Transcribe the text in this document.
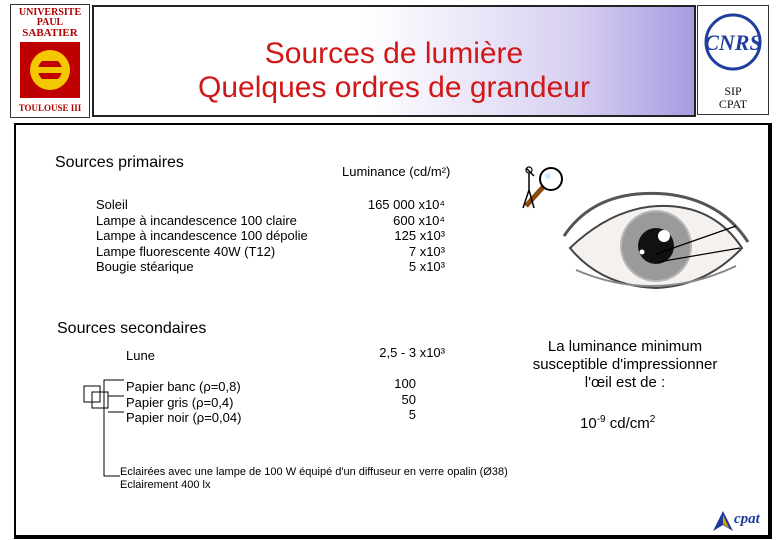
UNIVERSITE
PAUL
SABATIER
TOULOUSE III
Sources de lumière
Quelques ordres de grandeur
CNRS
SIP
CPAT
Sources primaires
Luminance (cd/m²)
Soleil
Lampe à incandescence 100 claire
Lampe à incandescence 100 dépolie
Lampe fluorescente 40W (T12)
Bougie stéarique
165 000 x10⁴
600 x10⁴
125 x10³
7 x10³
5 x10³
Sources secondaires
Lune	2,5 - 3 x10³
Papier banc (ρ=0,8)
Papier gris (ρ=0,4)
Papier noir (ρ=0,04)
100
50
5
La luminance minimum
susceptible d'impressionner
l'œil est de :
$10^{-9}$ $cd/cm^2$
Eclairées avec une lampe de 100 W équipé d'un diffuseur en verre opalin (Ø38)
Eclairement 400 lx
cpat
